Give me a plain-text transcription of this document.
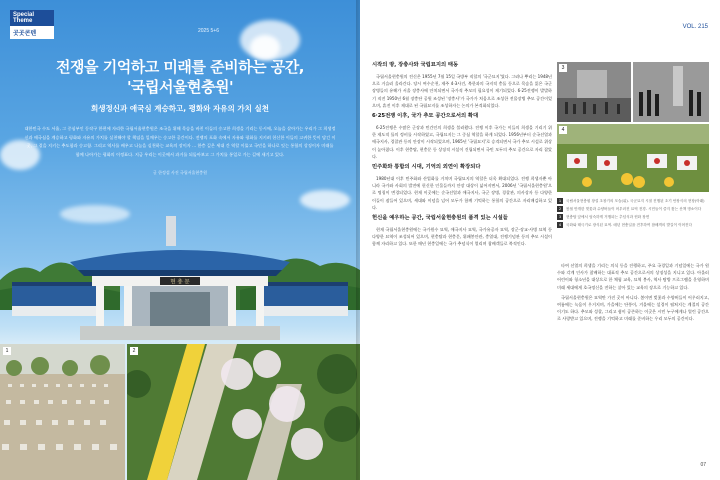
Special Theme
곳곳콘텐	2025 5+6
전쟁을 기억하고 미래를 준비하는 공간,
'국립서울현충원'
회생정신과 애국심 계승하고, 평화와 자유의 가치 실천
대한민국 수도 서울, 그 중심부인 동작구 한편에 자리한 국립서울현충원은 조국을 위해 목숨을 바친 이들의 숭고한 희생을 기리는 동시에, 오늘을 살아가는 우리가 그 희생정신과 애국심을 계승하고 평화와 자유의 가치를 실천해야 할 책임을 일깨우는 숭고한 공간이다. 전쟁의 포화 속에서 자유와 평화를 지키려 헌신한 이들의 고귀한 뜻이 담긴 이곳, 그 결을 지키는 추도함과 숭고함. 그리고 역사를 배우고 나눔을 실천하는 교육의 장이자 ... 한층 깊은 세대 간 역할 이룰고 국민을 하나로 잇는 통합의 상징이자 미래를 함께 나아가는 평화의 이정표다. 지금 우리는 이곳에서 과거를 되돌아보고 그 가치를 통일로 가는 길에 새기고 있다.
글 한정섭 사진 국립서울현충원
현 충 문
1	2
VOL. 215
시작의 땅, 장충사와 국립묘지의 태동

국립서울현충원의 전신은 1955년 7월 15일 국방부 직할의 '국군묘지'였다. 그러나 뿌리는 1948년으로 거슬러 올라간다. 당시 여수순천, 제주 4·3사건, 북한과의 국지적 충돌 등으로 목숨을 잃은 국군 장병들의 유해가 서울 장충사에 안치되면서 국가적 추모의 필요성이 제기되었다. 6·25전쟁이 발발하기 직전 1950년 6월 장충단 공원 조성된 '장충사'가 국가가 처음으로 조성한 전몰장병 추모 공간이었으며, 휴전 이후 제대로 된 국립묘지를 조성하자는 논의가 본격화되었다.

6·25전쟁 이후, 국가 추모 공간으로서의 확대

6·25전쟁은 수많은 군장과 민간인의 희생을 불러왔다. 전쟁 이후 국가는 이들의 희생을 기리기 위한 제도적 틀의 정비를 시작하였고, 국립묘지는 그 중심 역할을 하게 되었다. 1956년부터 순국선열과 애국지사, 경찰관 등의 안장이 시작되었으며, 1965년 '국립묘지'로 승격되면서 국가 추모 시설로 위상이 높아졌다. 이후 현충탑, 현충문 등 상징적 시설이 건립되면서 국민 모두의 추모 공간으로 자리 잡았다.

민주화와 통합의 시대, 기억의 외연이 확장되다

1980년대 이후 민주화와 산업화를 거치며 국립묘지의 역할은 더욱 확대되었다. 전쟁 희생자뿐 아니라 국가와 사회의 발전에 헌신한 인물들까지 안장 대상이 넓어지면서, 2006년 '국립서울현충원'으로 명칭이 변경되었다. 현재 이곳에는 순국선열과 애국지사, 국군 장병, 경찰관, 의사상자 등 다양한 이들이 잠들어 있으며, 세대와 이념을 넘어 모두가 함께 기억하는 통합의 공간으로 자리매김하고 있다.

헌신을 예우하는 공간, 국립서울현충원의 품격 있는 시설들

현재 국립서울현충원에는 국가원수 묘역, 애국지사 묘역, 국가유공자 묘역, 장군·장교·사병 묘역 등 다양한 묘역이 조성되어 있으며, 현충탑과 현충문, 위패봉안관, 충열대, 전쟁기념관 등의 추모 시설이 함께 자리하고 있다. 또한 매년 현충일에는 국가 추념식이 열리며 참배객들로 북적인다.

3
4
1	국립서울현충원 창설 초창기의 모습(위). 국군묘지 시절 진행된 초기 안장식의 현장(아래)
2	봄철 만개한 벚꽃과 수양버들이 어우러진 묘역 전경. 시민들이 즐겨 찾는 산책 명소이다
3	현충탑 앞에서 엄숙하게 거행되는 추념식과 헌화 장면
4	국화와 태극기로 장식된 묘역. 매년 현충일을 전후하여 참배객의 발길이 이어진다

타여 선열의 희생을 기리는 의식 등을 진행하고, 주요 국경일과 기념일에는 국가 원수와 각계 인사가 참배하는 대표적 추모 공간으로서의 상징성을 지니고 있다. 아울러 어린이와 청소년을 대상으로 한 체험 교육, 묘역 봉사, 역사 탐방 프로그램을 운영하며 미래 세대에게 호국정신을 전하는 살아 있는 교육의 장으로 기능하고 있다.

국립서울현충원은 묘역만 가진 곳이 아니다. 봄이면 벚꽃과 수양버들이 어우러지고, 여름에는 녹음이 우거지며, 가을에는 단풍이, 겨울에는 설경이 펼쳐지는 계절의 공간이기도 하다. 추모와 성찰, 그리고 쉼이 공존하는 이곳은 시민 누구에게나 열린 공간으로 사랑받고 있으며, 전쟁을 기억하고 미래를 준비하는 우리 모두의 공간이다.

07
